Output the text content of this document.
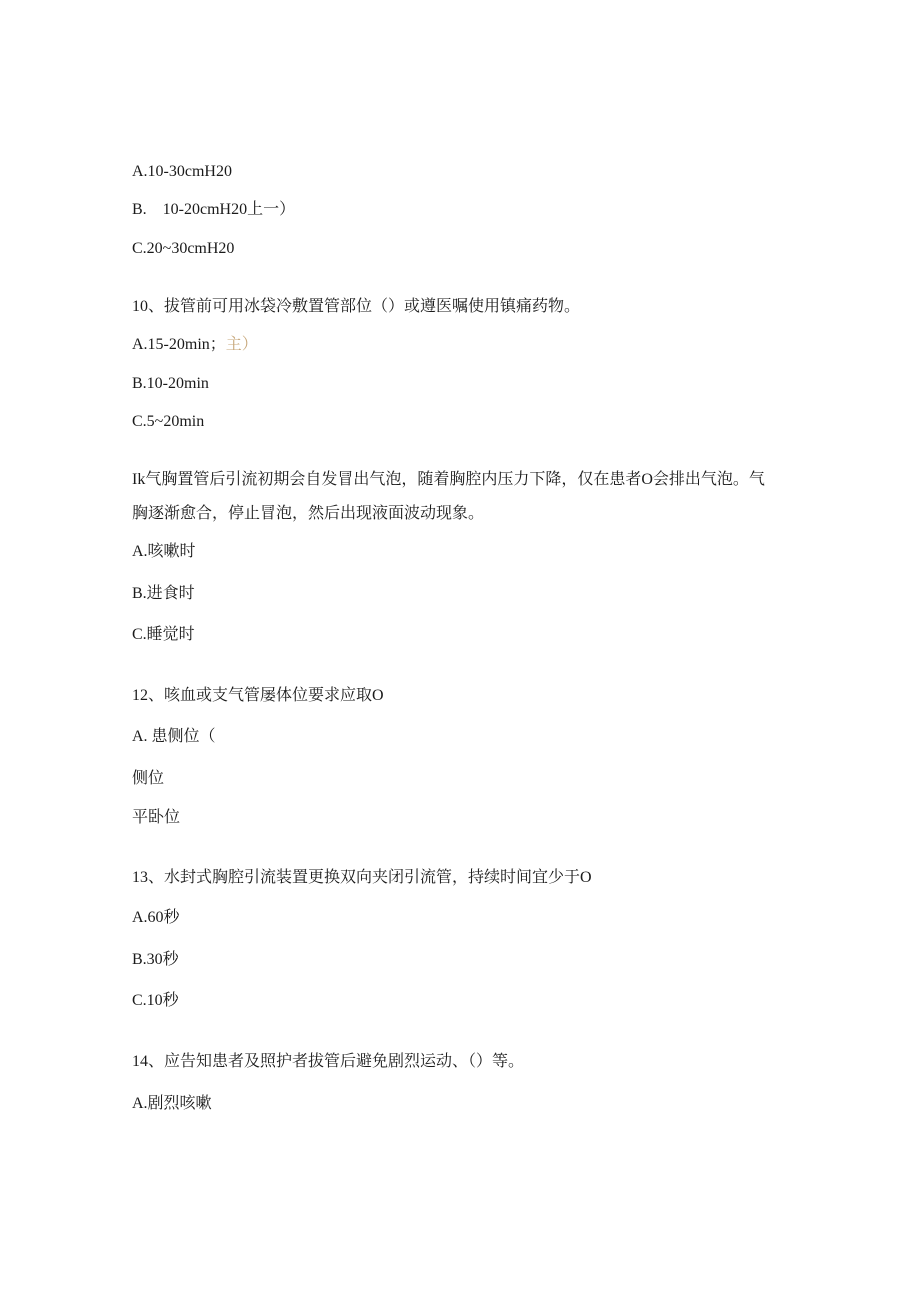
A.10-30cmH20
B.　10-20cmH20上一）
C.20~30cmH20
10、拔管前可用冰袋冷敷置管部位（）或遵医嘱使用镇痛药物。
A.15-20min；主）
B.10-20min
C.5~20min
Ik气胸置管后引流初期会自发冒出气泡，随着胸腔内压力下降，仅在患者O会排出气泡。气胸逐渐愈合，停止冒泡，然后出现液面波动现象。
A.咳嗽时
B.进食时
C.睡觉时
12、咳血或支气管屡体位要求应取O
A. 患侧位（
侧位
平卧位
13、水封式胸腔引流装置更换双向夹闭引流管，持续时间宜少于O
A.60秒
B.30秒
C.10秒
14、应告知患者及照护者拔管后避免剧烈运动、（）等。
A.剧烈咳嗽
